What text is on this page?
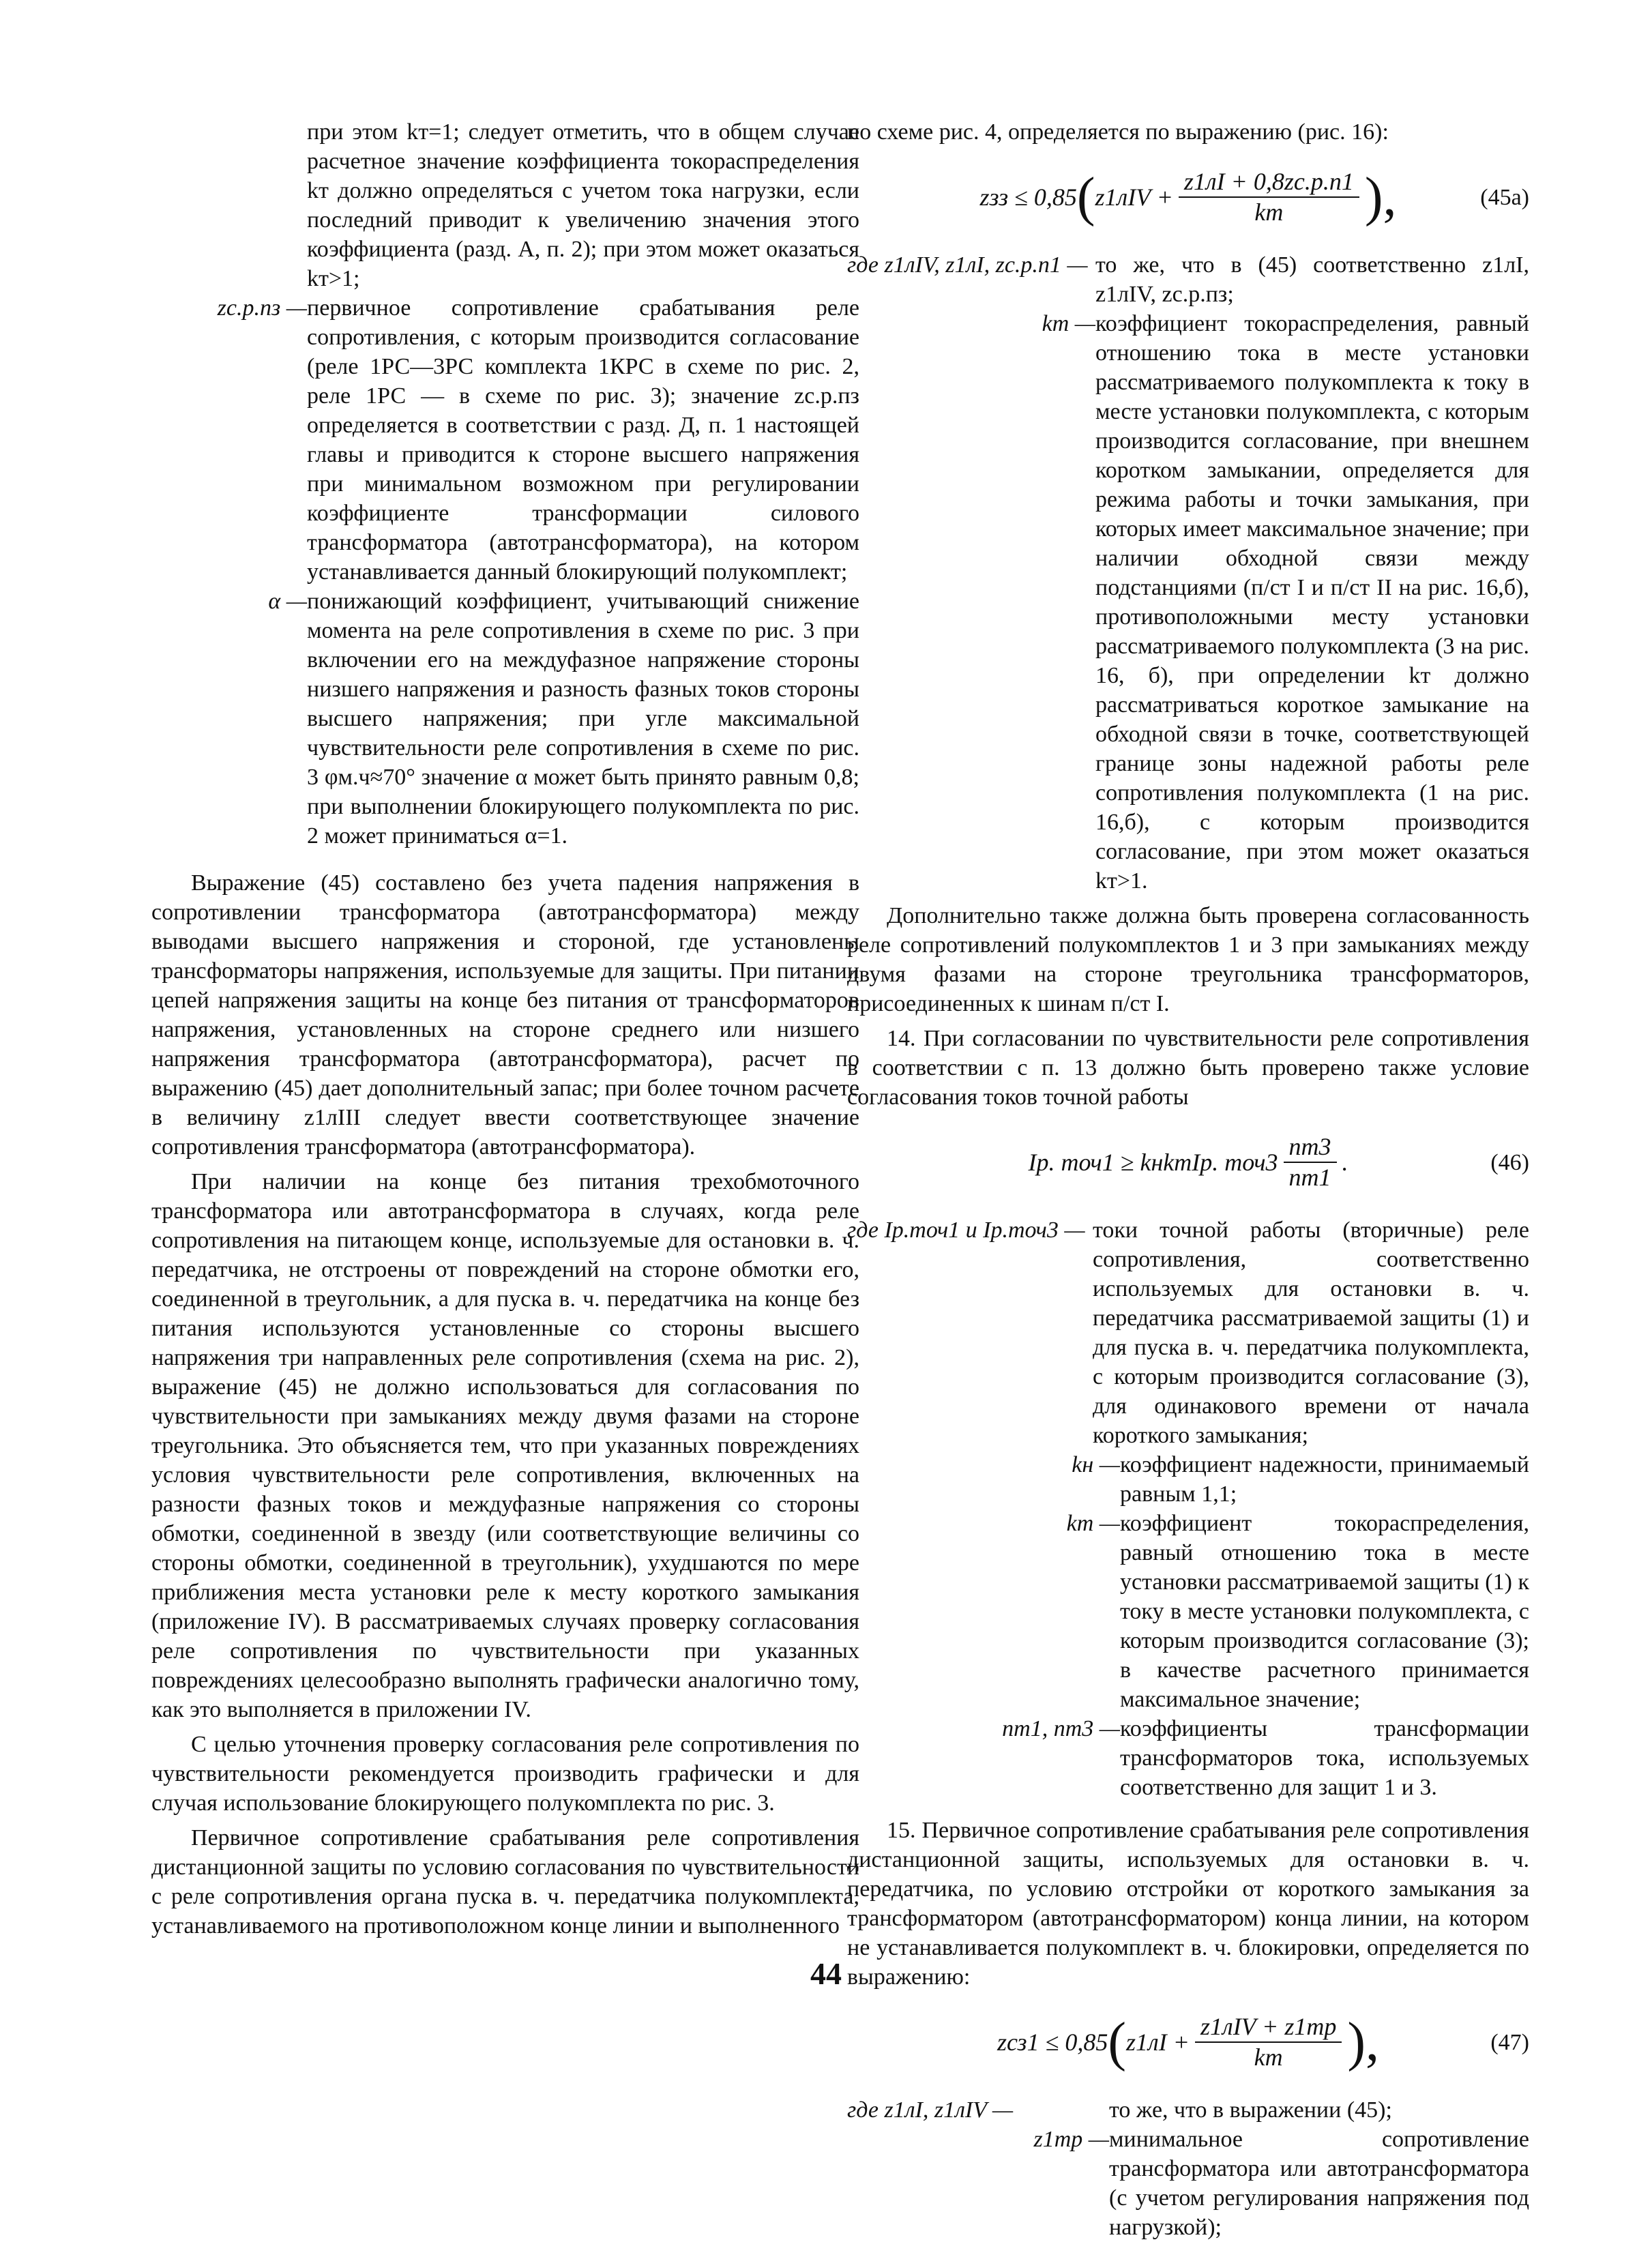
при этом kт=1; следует отметить, что в общем случае расчетное значение коэффициента токораспределения kт должно определяться с учетом тока нагрузки, если последний приводит к увеличению значения этого коэффициента (разд. А, п. 2); при этом может оказаться kт>1;
zс.р.пз — первичное сопротивление срабатывания реле сопротивления, с которым производится согласование (реле 1РС—3РС комплекта 1КРС в схеме по рис. 2, реле 1РС — в схеме по рис. 3); значение zс.р.пз определяется в соответствии с разд. Д, п. 1 настоящей главы и приводится к стороне высшего напряжения при минимальном возможном при регулировании коэффициенте трансформации силового трансформатора (автотрансформатора), на котором устанавливается данный блокирующий полукомплект;
α — понижающий коэффициент, учитывающий снижение момента на реле сопротивления в схеме по рис. 3 при включении его на междуфазное напряжение стороны низшего напряжения и разность фазных токов стороны высшего напряжения; при угле максимальной чувствительности реле сопротивления в схеме по рис. 3 φм.ч≈70° значение α может быть принято равным 0,8; при выполнении блокирующего полукомплекта по рис. 2 может приниматься α=1.

Выражение (45) составлено без учета падения напряжения в сопротивлении трансформатора (автотрансформатора) между выводами высшего напряжения и стороной, где установлены трансформаторы напряжения, используемые для защиты. При питании цепей напряжения защиты на конце без питания от трансформаторов напряжения, установленных на стороне среднего или низшего напряжения трансформатора (автотрансформатора), расчет по выражению (45) дает дополнительный запас; при более точном расчете в величину z1лIII следует ввести соответствующее значение сопротивления трансформатора (автотрансформатора).

При наличии на конце без питания трехобмоточного трансформатора или автотрансформатора в случаях, когда реле сопротивления на питающем конце, используемые для остановки в. ч. передатчика, не отстроены от повреждений на стороне обмотки его, соединенной в треугольник, а для пуска в. ч. передатчика на конце без питания используются установленные со стороны высшего напряжения три направленных реле сопротивления (схема на рис. 2), выражение (45) не должно использоваться для согласования по чувствительности при замыканиях между двумя фазами на стороне треугольника. Это объясняется тем, что при указанных повреждениях условия чувствительности реле сопротивления, включенных на разности фазных токов и междуфазные напряжения со стороны обмотки, соединенной в звезду (или соответствующие величины со стороны обмотки, соединенной в треугольник), ухудшаются по мере приближения места установки реле к месту короткого замыкания (приложение IV). В рассматриваемых случаях проверку согласования реле сопротивления по чувствительности при указанных повреждениях целесообразно выполнять графически аналогично тому, как это выполняется в приложении IV.

С целью уточнения проверку согласования реле сопротивления по чувствительности рекомендуется производить графически и для случая использование блокирующего полукомплекта по рис. 3.

Первичное сопротивление срабатывания реле сопротивления дистанционной защиты по условию согласования по чувствительности с реле сопротивления органа пуска в. ч. передатчика полукомплекта, устанавливаемого на противоположном конце линии и выполненного

по схеме рис. 4, определяется по выражению (рис. 16):

zзз ≤ 0,85 ( $z1лIV + \frac{z1лI + 0,8zс.р.п1}{kт}$ ),	(45а)
где z1лIV, z1лI, zс.р.п1 — то же, что в (45) соответственно z1лI, z1лIV, zс.р.пз;
kт — коэффициент токораспределения, равный отношению тока в месте установки рассматриваемого полукомплекта к току в месте установки полукомплекта, с которым производится согласование, при внешнем коротком замыкании, определяется для режима работы и точки замыкания, при которых имеет максимальное значение; при наличии обходной связи между подстанциями (п/ст I и п/ст II на рис. 16,б), противоположными месту установки рассматриваемого полукомплекта (3 на рис. 16, б), при определении kт должно рассматриваться короткое замыкание на обходной связи в точке, соответствующей границе зоны надежной работы реле сопротивления полукомплекта (1 на рис. 16,б), с которым производится согласование, при этом может оказаться kт>1.

Дополнительно также должна быть проверена согласованность реле сопротивлений полукомплектов 1 и 3 при замыканиях между двумя фазами на стороне треугольника трансформаторов, присоединенных к шинам п/ст I.

14. При согласовании по чувствительности реле сопротивления в соответствии с п. 13 должно быть проверено также условие согласования токов точной работы

Iр. точ1 ≥ kнkтIр. $точ3 \frac{nт3}{nт1}$ .	(46)
где Iр.точ1 и Iр.точ3 — токи точной работы (вторичные) реле сопротивления, соответственно используемых для остановки в. ч. передатчика рассматриваемой защиты (1) и для пуска в. ч. передатчика полукомплекта, с которым производится согласование (3), для одинакового времени от начала короткого замыкания;
kн — коэффициент надежности, принимаемый равным 1,1;
kт — коэффициент токораспределения, равный отношению тока в месте установки рассматриваемой защиты (1) к току в месте установки полукомплекта, с которым производится согласование (3); в качестве расчетного принимается максимальное значение;
nт1, nт3 — коэффициенты трансформации трансформаторов тока, используемых соответственно для защит 1 и 3.

15. Первичное сопротивление срабатывания реле сопротивления дистанционной защиты, используемых для остановки в. ч. передатчика, по условию отстройки от короткого замыкания за трансформатором (автотрансформатором) конца линии, на котором не устанавливается полукомплект в. ч. блокировки, определяется по выражению:

zсз1 ≤ 0,85 ( $z1лI + \frac{\text{z1лIV + z1тр}}{kт}$ ),	(47)
где z1лI, z1лIV —	то же, что в выражении (45);
z1тр — минимальное сопротивление трансформатора или автотрансформатора (с учетом регулирования напряжения под нагрузкой);
44
